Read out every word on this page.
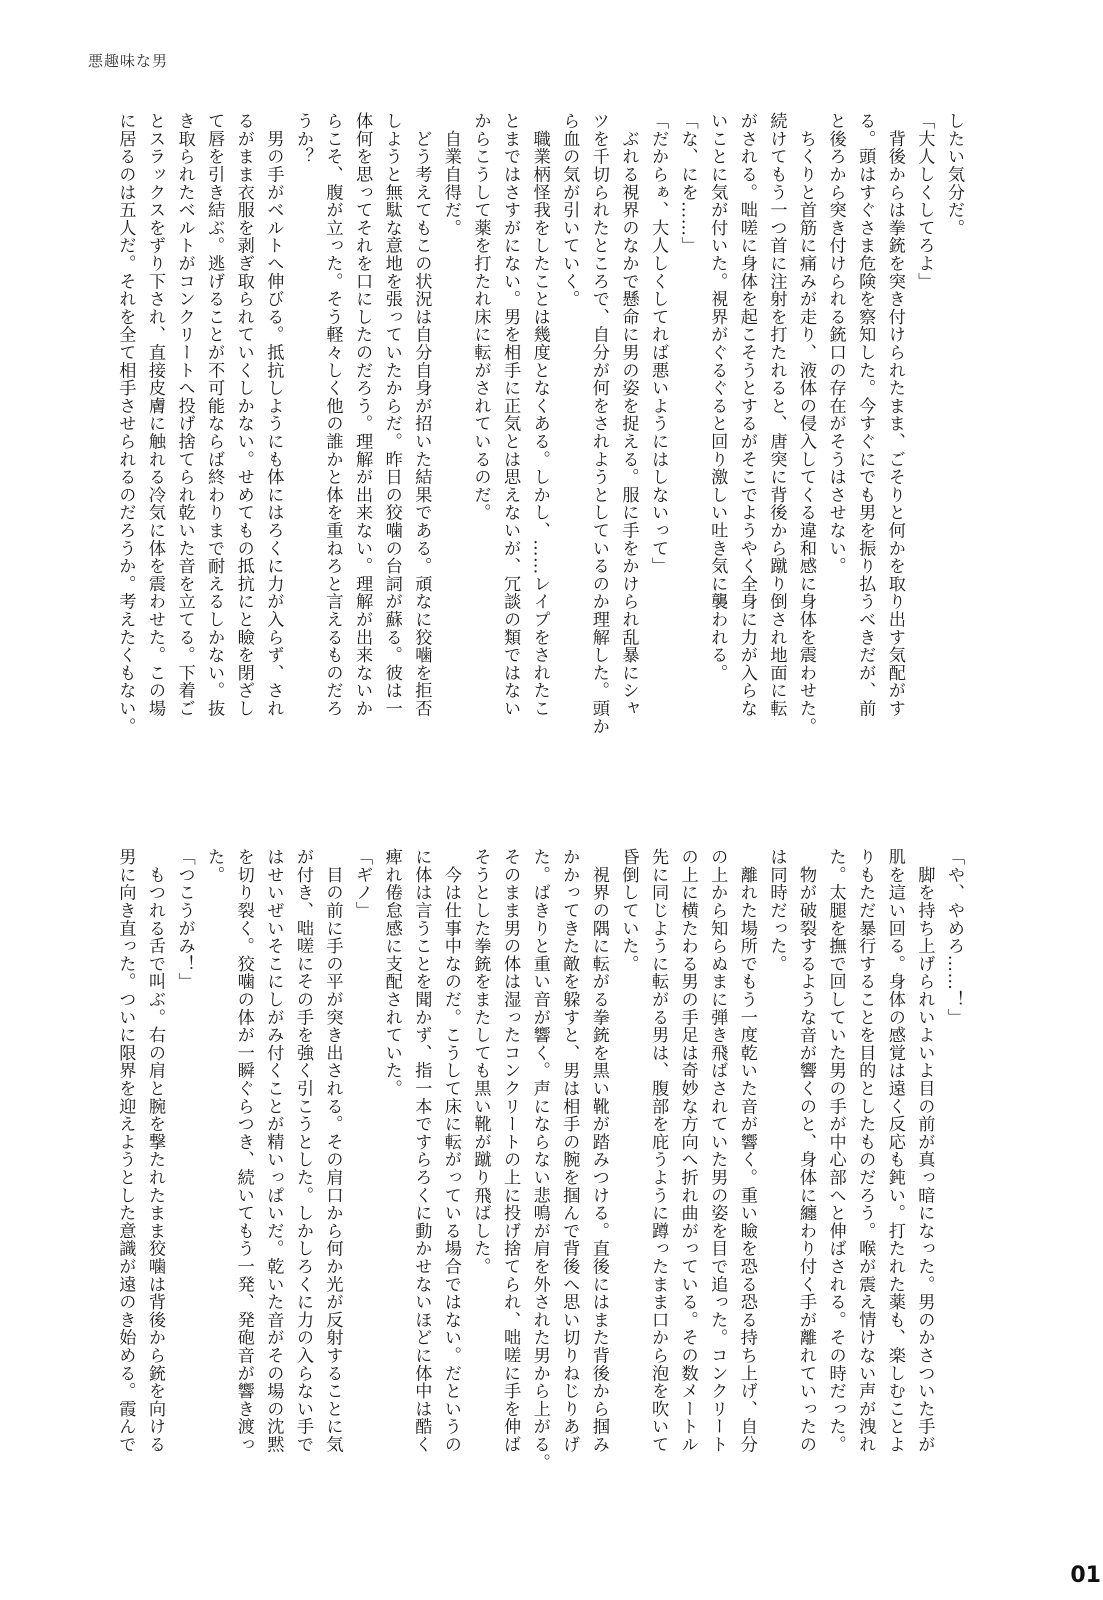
悪趣味な男
したい気分だ。
「大人しくしてろよ」
　背後からは拳銃を突き付けられたまま、ごそりと何かを取り出す気配がす
る。頭はすぐさま危険を察知した。今すぐにでも男を振り払うべきだが、前
と後ろから突き付けられる銃口の存在がそうはさせない。
　ちくりと首筋に痛みが走り、液体の侵入してくる違和感に身体を震わせた。
続けてもう一つ首に注射を打たれると、唐突に背後から蹴り倒され地面に転
がされる。咄嗟に身体を起こそうとするがそこでようやく全身に力が入らな
いことに気が付いた。視界がぐるぐると回り激しい吐き気に襲われる。
「な、にを……」
「だからぁ、大人しくしてれば悪いようにはしないって」
　ぶれる視界のなかで懸命に男の姿を捉える。服に手をかけられ乱暴にシャ
ツを千切られたところで、自分が何をされようとしているのか理解した。頭か
ら血の気が引いていく。
　職業柄怪我をしたことは幾度となくある。しかし、……レイプをされたこ
とまではさすがにない。男を相手に正気とは思えないが、冗談の類ではない
からこうして薬を打たれ床に転がされているのだ。
　自業自得だ。
　どう考えてもこの状況は自分自身が招いた結果である。頑なに狡噛を拒否
しようと無駄な意地を張っていたからだ。昨日の狡噛の台詞が蘇る。彼は一
体何を思ってそれを口にしたのだろう。理解が出来ない。理解が出来ないか
らこそ、腹が立った。そう軽々しく他の誰かと体を重ねろと言えるものだろ
うか？
　男の手がベルトへ伸びる。抵抗しようにも体にはろくに力が入らず、され
るがまま衣服を剥ぎ取られていくしかない。せめてもの抵抗にと瞼を閉ざし
て唇を引き結ぶ。逃げることが不可能ならば終わりまで耐えるしかない。抜
き取られたベルトがコンクリートへ投げ捨てられ乾いた音を立てる。下着ご
とスラックスをずり下され、直接皮膚に触れる冷気に体を震わせた。この場
に居るのは五人だ。それを全て相手させられるのだろうか。考えたくもない。
「や、やめろ……！」
　脚を持ち上げられいよいよ目の前が真っ暗になった。男のかさついた手が
肌を這い回る。身体の感覚は遠く反応も鈍い。打たれた薬も、楽しむことよ
りもただ暴行することを目的としたものだろう。喉が震え情けない声が洩れ
た。太腿を撫で回していた男の手が中心部へと伸ばされる。その時だった。
　物が破裂するような音が響くのと、身体に纏わり付く手が離れていったの
は同時だった。
　離れた場所でもう一度乾いた音が響く。重い瞼を恐る恐る持ち上げ、自分
の上から知らぬまに弾き飛ばされていた男の姿を目で追った。コンクリート
の上に横たわる男の手足は奇妙な方向へ折れ曲がっている。その数メートル
先に同じように転がる男は、腹部を庇うように蹲ったまま口から泡を吹いて
昏倒していた。
　視界の隅に転がる拳銃を黒い靴が踏みつける。直後にはまた背後から掴み
かかってきた敵を躱すと、男は相手の腕を掴んで背後へ思い切りねじりあげ
た。ばきりと重い音が響く。声にならない悲鳴が肩を外された男から上がる。
そのまま男の体は湿ったコンクリートの上に投げ捨てられ、咄嗟に手を伸ば
そうとした拳銃をまたしても黒い靴が蹴り飛ばした。
　今は仕事中なのだ。こうして床に転がっている場合ではない。だというの
に体は言うことを聞かず、指一本ですらろくに動かせないほどに体中は酷く
痺れ倦怠感に支配されていた。
「ギノ」
　目の前に手の平が突き出される。その肩口から何か光が反射することに気
が付き、咄嗟にその手を強く引こうとした。しかしろくに力の入らない手で
はせいぜいそこにしがみ付くことが精いっぱいだ。乾いた音がその場の沈黙
を切り裂く。狡噛の体が一瞬ぐらつき、続いてもう一発、発砲音が響き渡っ
た。
「つこうがみ！」
　もつれる舌で叫ぶ。右の肩と腕を撃たれたまま狡噛は背後から銃を向ける
男に向き直った。ついに限界を迎えようとした意識が遠のき始める。霞んで
01
